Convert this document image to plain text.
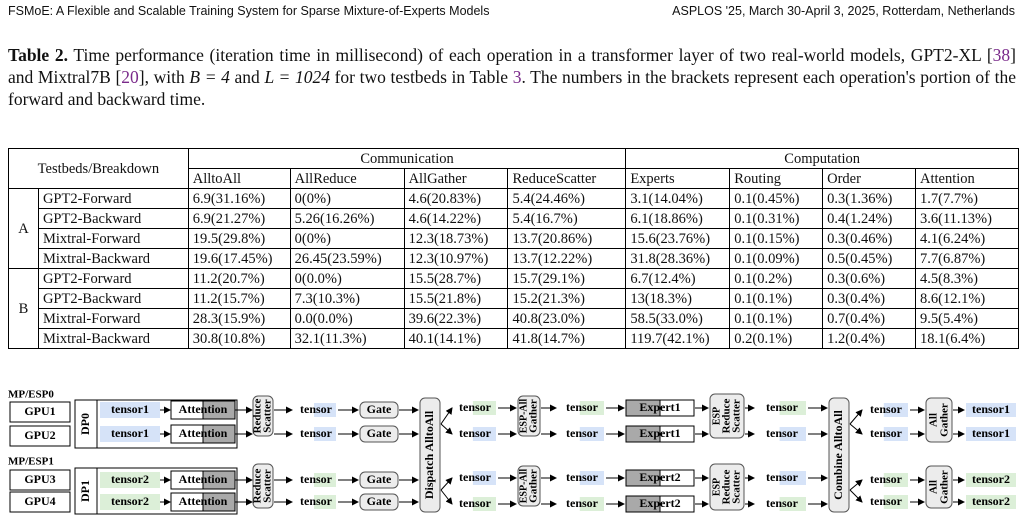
FSMoE: A Flexible and Scalable Training System for Sparse Mixture-of-Experts Models	ASPLOS '25, March 30-April 3, 2025, Rotterdam, Netherlands
Table 2. Time performance (iteration time in millisecond) of each operation in a transformer layer of two real-world models, GPT2-XL [38] and Mixtral7B [20], with B = 4 and L = 1024 for two testbeds in Table 3. The numbers in the brackets represent each operation's portion of the forward and backward time.
Testbeds/Breakdown		Communication				Computation			
		AlltoAll	AllReduce	AllGather	ReduceScatter	Experts	Routing	Order	Attention
A	GPT2-Forward	6.9(31.16%)	0(0%)	4.6(20.83%)	5.4(24.46%)	3.1(14.04%)	0.1(0.45%)	0.3(1.36%)	1.7(7.7%)
	GPT2-Backward	6.9(21.27%)	5.26(16.26%)	4.6(14.22%)	5.4(16.7%)	6.1(18.86%)	0.1(0.31%)	0.4(1.24%)	3.6(11.13%)
	Mixtral-Forward	19.5(29.8%)	0(0%)	12.3(18.73%)	13.7(20.86%)	15.6(23.76%)	0.1(0.15%)	0.3(0.46%)	4.1(6.24%)
	Mixtral-Backward	19.6(17.45%)	26.45(23.59%)	12.3(10.97%)	13.7(12.22%)	31.8(28.36%)	0.1(0.09%)	0.5(0.45%)	7.7(6.87%)
B	GPT2-Forward	11.2(20.7%)	0(0.0%)	15.5(28.7%)	15.7(29.1%)	6.7(12.4%)	0.1(0.2%)	0.3(0.6%)	4.5(8.3%)
	GPT2-Backward	11.2(15.7%)	7.3(10.3%)	15.5(21.8%)	15.2(21.3%)	13(18.3%)	0.1(0.1%)	0.3(0.4%)	8.6(12.1%)
	Mixtral-Forward	28.3(15.9%)	0.0(0.0%)	39.6(22.3%)	40.8(23.0%)	58.5(33.0%)	0.1(0.1%)	0.7(0.4%)	9.5(5.4%)
	Mixtral-Backward	30.8(10.8%)	32.1(11.3%)	40.1(14.1%)	41.8(14.7%)	119.7(42.1%)	0.2(0.1%)	1.2(0.4%)	18.1(6.4%)
MP/ESP0
MP/ESP1
GPU1
GPU2
GPU3
GPU4
DP0
DP1
tensor1 Attention
tensor1 Attention
tensor2 Attention
tensor2 Attention
Reduce
Scatter
Reduce
Scatter
tensor	Gate
tensor	Gate
tensor	Gate
tensor	Gate
Dispatch AlltoAll
tensor
tensor
tensor
tensor
ESP-All
Gather
ESP-All
Gather
tensor	Expert1
tensor	Expert1
tensor	Expert2
tensor	Expert2
ESP
Reduce
Scatter
ESP
Reduce
Scatter
tensor
tensor
tensor
tensor
Combine AlltoAll
tensor
tensor
tensor
tensor
All Gather
All Gather
tensor1
tensor1
tensor2
tensor2
